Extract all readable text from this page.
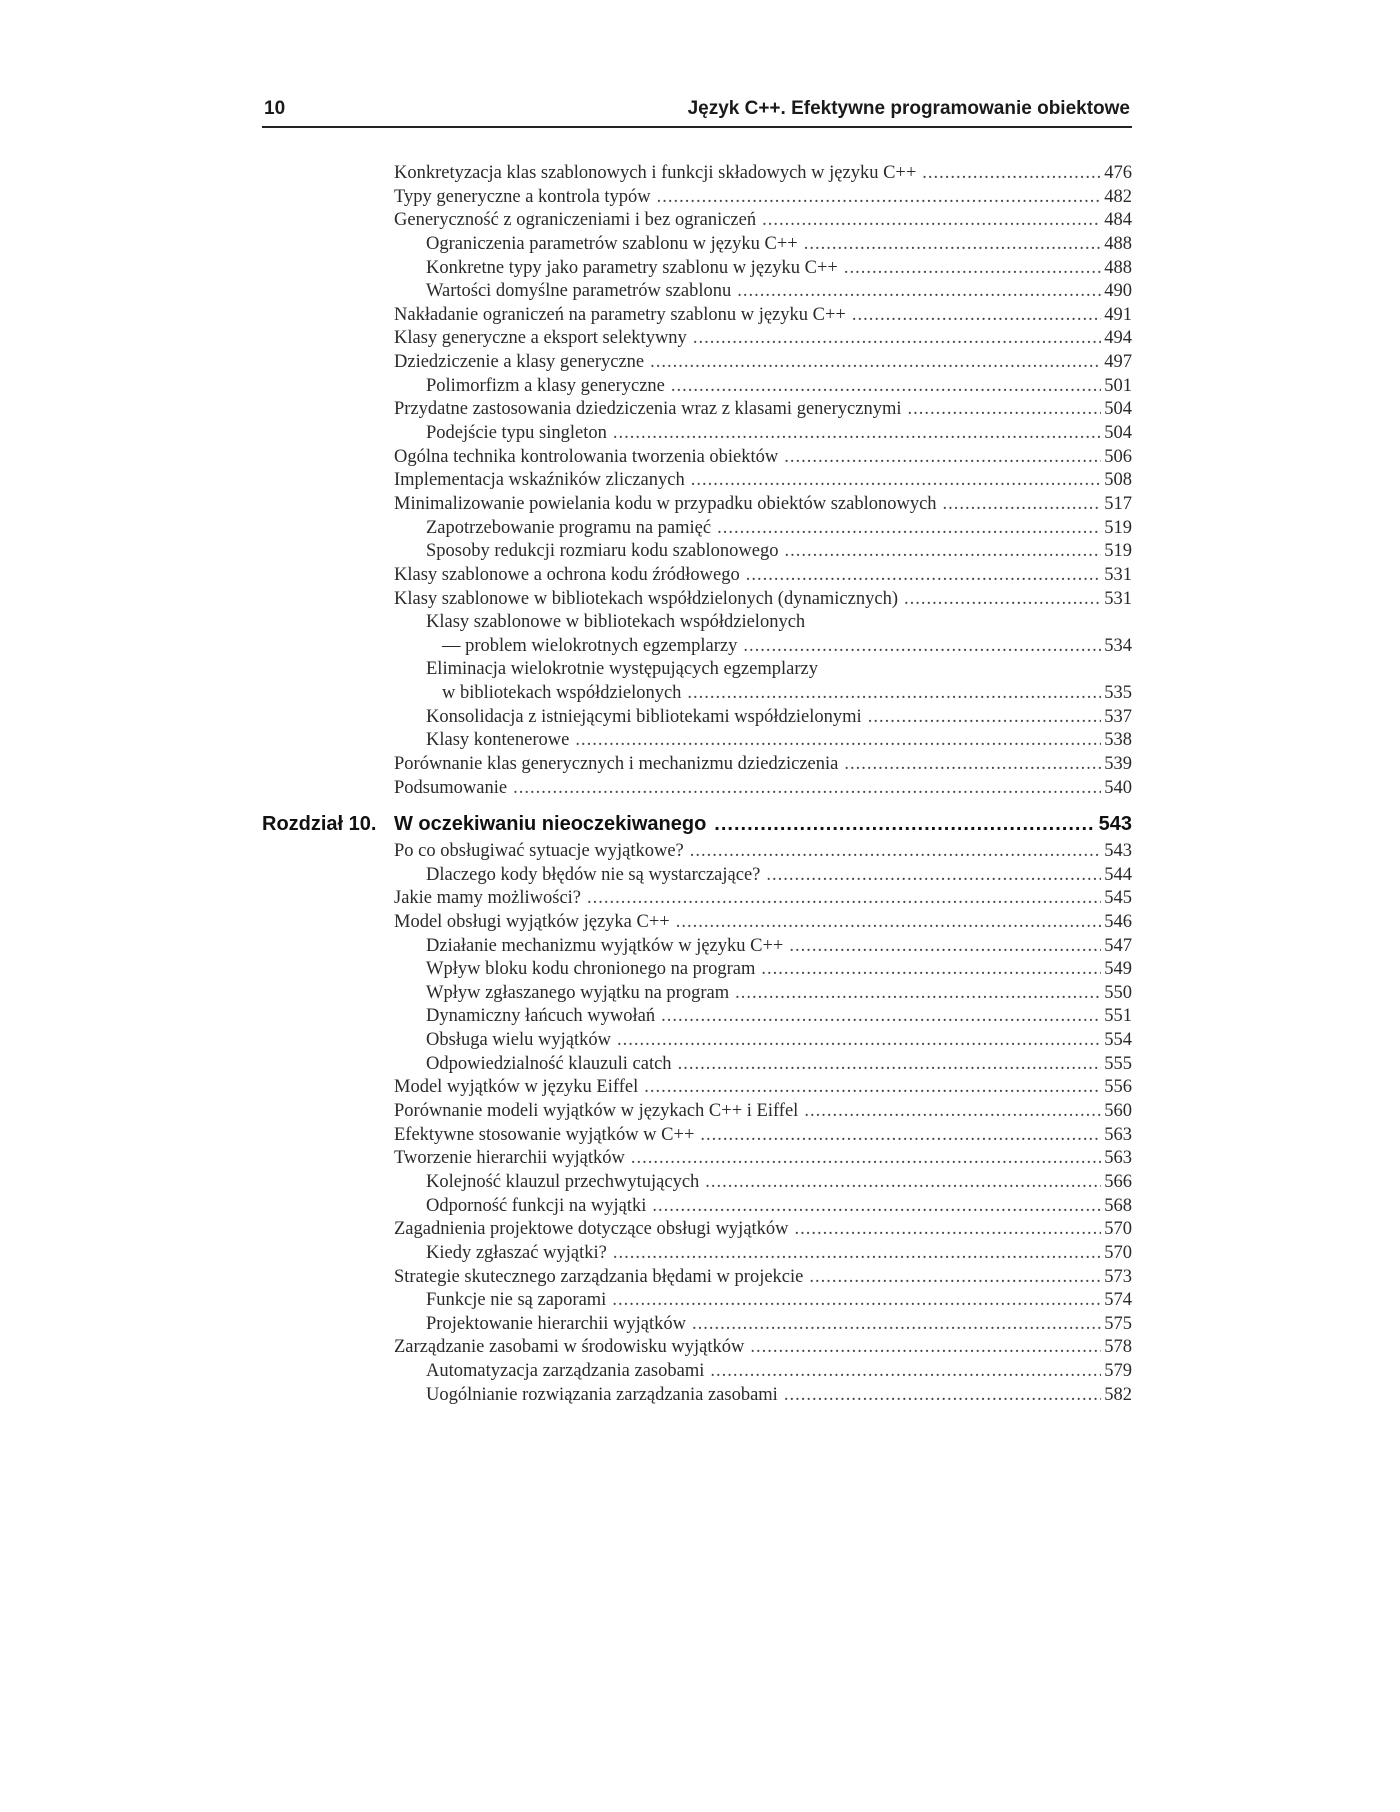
10	Język C++. Efektywne programowanie obiektowe
Konkretyzacja klas szablonowych i funkcji składowych w języku C++ .....	476
Typy generyczne a kontrola typów .....	482
Generyczność z ograniczeniami i bez ograniczeń .....	484
Ograniczenia parametrów szablonu w języku C++ .....	488
Konkretne typy jako parametry szablonu w języku C++ .....	488
Wartości domyślne parametrów szablonu .....	490
Nakładanie ograniczeń na parametry szablonu w języku C++ .....	491
Klasy generyczne a eksport selektywny .....	494
Dziedziczenie a klasy generyczne .....	497
Polimorfizm a klasy generyczne .....	501
Przydatne zastosowania dziedziczenia wraz z klasami generycznymi .....	504
Podejście typu singleton .....	504
Ogólna technika kontrolowania tworzenia obiektów .....	506
Implementacja wskaźników zliczanych .....	508
Minimalizowanie powielania kodu w przypadku obiektów szablonowych .....	517
Zapotrzebowanie programu na pamięć .....	519
Sposoby redukcji rozmiaru kodu szablonowego .....	519
Klasy szablonowe a ochrona kodu źródłowego .....	531
Klasy szablonowe w bibliotekach współdzielonych (dynamicznych) .....	531
Klasy szablonowe w bibliotekach współdzielonych
— problem wielokrotnych egzemplarzy .....	534
Eliminacja wielokrotnie występujących egzemplarzy
w bibliotekach współdzielonych .....	535
Konsolidacja z istniejącymi bibliotekami współdzielonymi .....	537
Klasy kontenerowe .....	538
Porównanie klas generycznych i mechanizmu dziedziczenia .....	539
Podsumowanie .....	540
Rozdział 10. W oczekiwaniu nieoczekiwanego .....	543
Po co obsługiwać sytuacje wyjątkowe? .....	543
Dlaczego kody błędów nie są wystarczające? .....	544
Jakie mamy możliwości? .....	545
Model obsługi wyjątków języka C++ .....	546
Działanie mechanizmu wyjątków w języku C++ .....	547
Wpływ bloku kodu chronionego na program .....	549
Wpływ zgłaszanego wyjątku na program .....	550
Dynamiczny łańcuch wywołań .....	551
Obsługa wielu wyjątków .....	554
Odpowiedzialność klauzuli catch .....	555
Model wyjątków w języku Eiffel .....	556
Porównanie modeli wyjątków w językach C++ i Eiffel .....	560
Efektywne stosowanie wyjątków w C++ .....	563
Tworzenie hierarchii wyjątków .....	563
Kolejność klauzul przechwytujących .....	566
Odporność funkcji na wyjątki .....	568
Zagadnienia projektowe dotyczące obsługi wyjątków .....	570
Kiedy zgłaszać wyjątki? .....	570
Strategie skutecznego zarządzania błędami w projekcie .....	573
Funkcje nie są zaporami .....	574
Projektowanie hierarchii wyjątków .....	575
Zarządzanie zasobami w środowisku wyjątków .....	578
Automatyzacja zarządzania zasobami .....	579
Uogólnianie rozwiązania zarządzania zasobami .....	582
